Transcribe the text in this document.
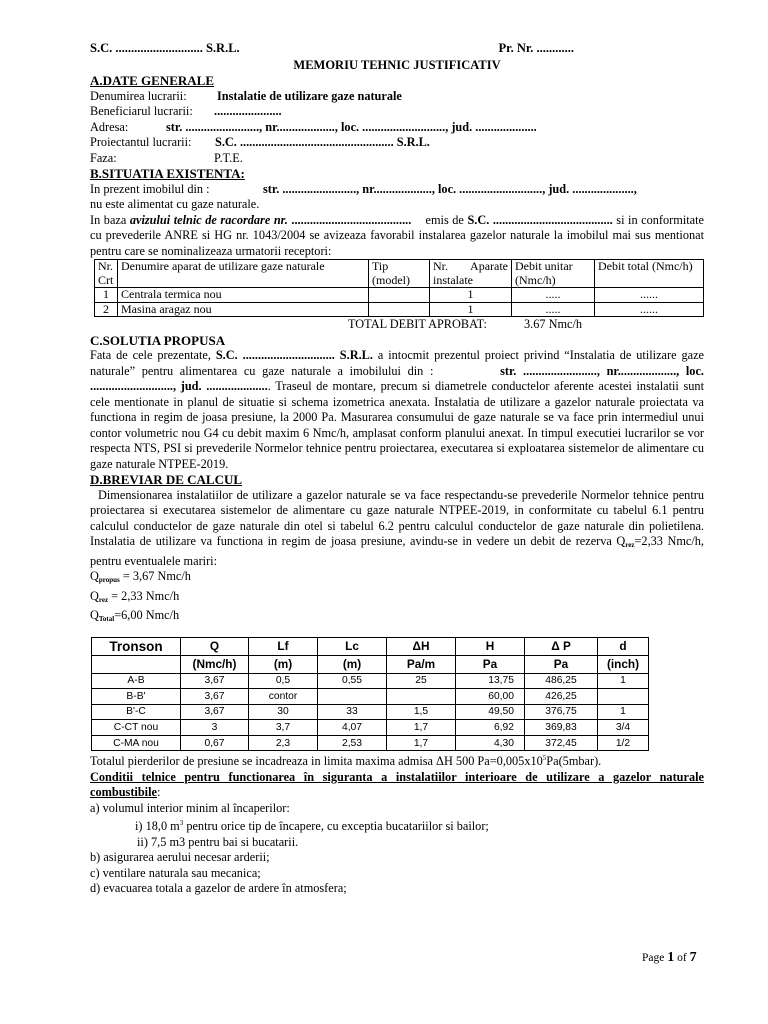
S.C. ............................ S.R.L.	Pr. Nr. ............
MEMORIU TEHNIC JUSTIFICATIV
A.DATE GENERALE
Denumirea lucrarii:	Instalatie de utilizare gaze naturale
Beneficiarul lucrarii:	......................
Adresa:	str. ........................, nr..................., loc. ..........................., jud. ....................
Proiectantul lucrarii:	S.C. .................................................. S.R.L.
Faza:	P.T.E.
B.SITUATIA EXISTENTA:
In prezent imobilul din :	str. ........................, nr..................., loc. ..........................., jud. ....................,
nu este alimentat cu gaze naturale.
In baza avizului telnic de racordare nr. ....................................... emis de S.C. ....................................... si in conformitate cu prevederile ANRE si HG nr. 1043/2004 se avizeaza favorabil instalarea gazelor naturale la imobilul mai sus mentionat pentru care se nominalizeaza urmatorii receptori:
Nr. Crt	Denumire aparat de utilizare gaze naturale	Tip (model)	Nr. Aparate instalate	Debit unitar (Nmc/h)	Debit total (Nmc/h)
1	Centrala termica nou		1	.....	......
2	Masina aragaz nou		1	.....	......
TOTAL DEBIT APROBAT:	3.67 Nmc/h
C.SOLUTIA PROPUSA
Fata de cele prezentate, S.C. .............................. S.R.L. a intocmit prezentul proiect privind “Instalatia de utilizare gaze naturale” pentru alimentarea cu gaze naturale a imobilului din :	str. ........................, nr..................., loc. ..........................., jud. ..................... Traseul de montare, precum si diametrele conductelor aferente acestei instalatii sunt cele mentionate in planul de situatie si schema izometrica anexata. Instalatia de utilizare a gazelor naturale proiectata va functiona in regim de joasa presiune, la 2000 Pa. Masurarea consumului de gaze naturale se va face prin intermediul unui contor volumetric nou G4 cu debit maxim 6 Nmc/h, amplasat conform planului anexat. In timpul executiei lucrarilor se vor respecta NTS, PSI si prevederile Normelor tehnice pentru proiectarea, executarea si exploatarea sistemelor de alimentare cu gaze naturale NTPEE-2019.
D.BREVIAR DE CALCUL
Dimensionarea instalatiilor de utilizare a gazelor naturale se va face respectandu-se prevederile Normelor tehnice pentru proiectarea si executarea sistemelor de alimentare cu gaze naturale NTPEE-2019, in conformitate cu tabelul 6.1 pentru calculul conductelor de gaze naturale din otel si tabelul 6.2 pentru calculul conductelor de gaze naturale din polietilena. Instalatia de utilizare va functiona in regim de joasa presiune, avindu-se in vedere un debit de rezerva $Q_{rez}=2,33$ Nmc/h, pentru eventualele mariri:
$Q_{propus} = 3,67$ Nmc/h
$Q_{rez} = 2,33$ Nmc/h
$Q_{Total}=6,00$ Nmc/h
Tronson	Q	Lf	Lc	ΔH	H	Δ P	d
	(Nmc/h)	(m)	(m)	Pa/m	Pa	Pa	(inch)
A-B	3,67	0,5	0,55	25	13,75	486,25	1
B-B'	3,67	contor			60,00	426,25	
B'-C	3,67	30	33	1,5	49,50	376,75	1
C-CT nou	3	3,7	4,07	1,7	6,92	369,83	3/4
C-MA nou	0,67	2,3	2,53	1,7	4,30	372,45	1/2
Totalul pierderilor de presiune se incadreaza in limita maxima admisa ΔH 500 $Pa=0,005x10^5Pa(5mbar)$.
Conditii telnice pentru functionarea în siguranta a instalatiilor interioare de utilizare a gazelor naturale combustibile:
a) volumul interior minim al încaperilor:
i) 18,0 $m^3$ pentru orice tip de încapere, cu exceptia bucatariilor si bailor;
ii) 7,5 m3 pentru bai si bucatarii.
b) asigurarea aerului necesar arderii;
c) ventilare naturala sau mecanica;
d) evacuarea totala a gazelor de ardere în atmosfera;
Page 1 of 7
